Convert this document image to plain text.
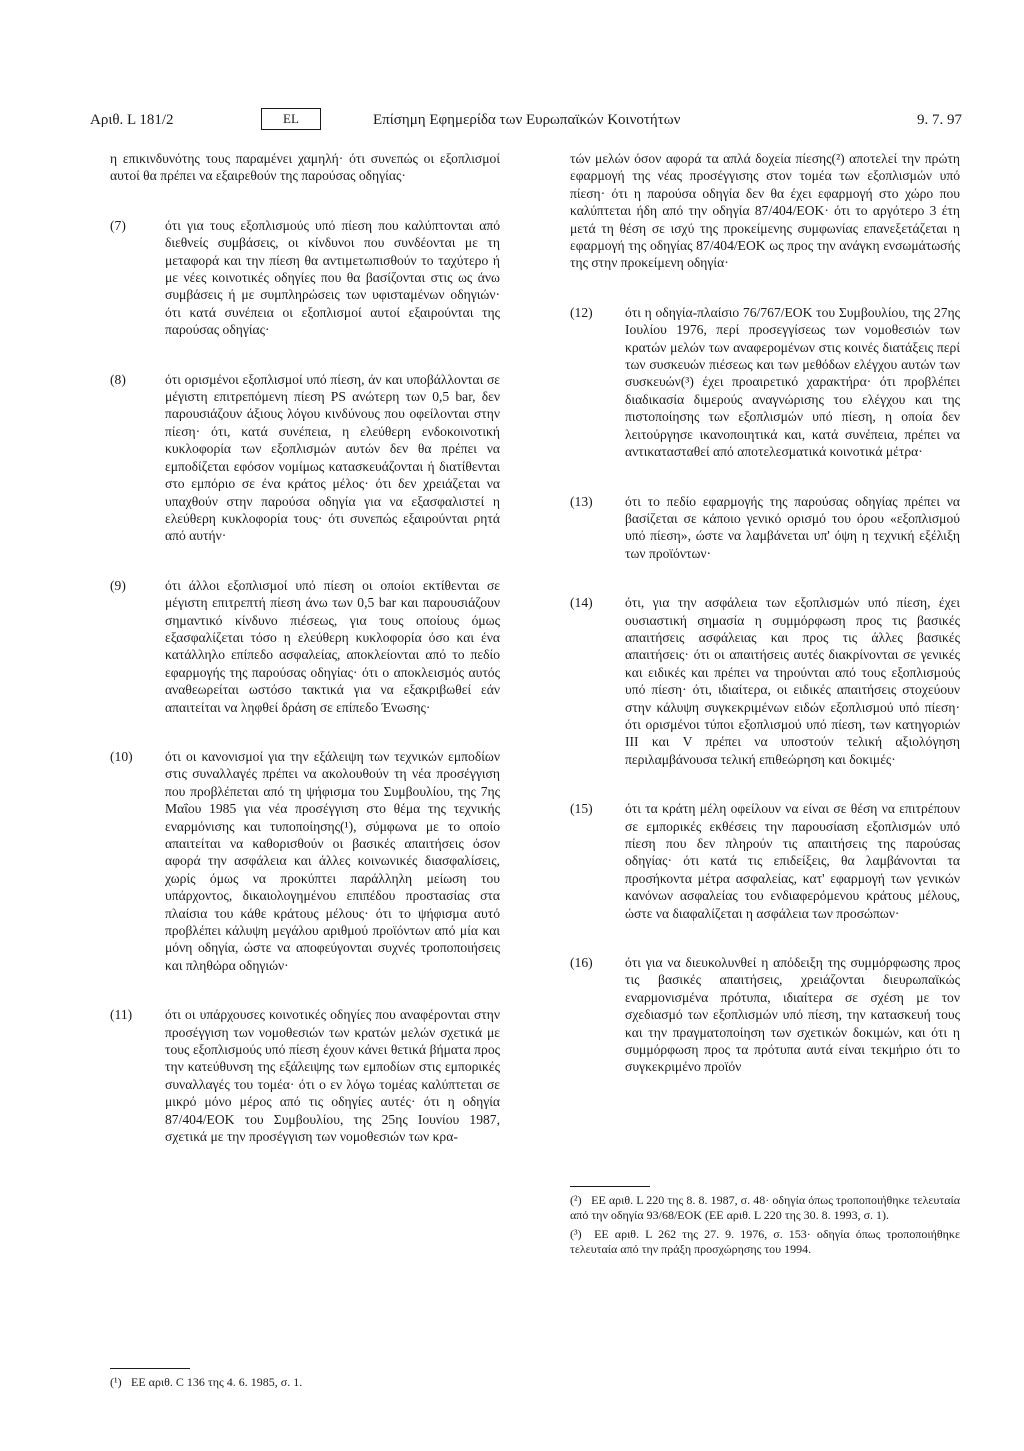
Αριθ. L 181/2	EL	Επίσημη Εφημερίδα των Ευρωπαϊκών Κοινοτήτων	9. 7. 97

η επικινδυνότης τους παραμένει χαμηλή· ότι συνεπώς οι εξοπλισμοί αυτοί θα πρέπει να εξαιρεθούν της παρούσας οδηγίας·

(7)	ότι για τους εξοπλισμούς υπό πίεση που καλύπτονται από διεθνείς συμβάσεις, οι κίνδυνοι που συνδέονται με τη μεταφορά και την πίεση θα αντιμετωπισθούν το ταχύτερο ή με νέες κοινοτικές οδηγίες που θα βασίζονται στις ως άνω συμβάσεις ή με συμπληρώσεις των υφισταμένων οδηγιών· ότι κατά συνέπεια οι εξοπλισμοί αυτοί εξαιρούνται της παρούσας οδηγίας·
(8)	ότι ορισμένοι εξοπλισμοί υπό πίεση, άν και υποβάλλονται σε μέγιστη επιτρεπόμενη πίεση PS ανώτερη των 0,5 bar, δεν παρουσιάζουν άξιους λόγου κινδύνους που οφείλονται στην πίεση· ότι, κατά συνέπεια, η ελεύθερη ενδοκοινοτική κυκλοφορία των εξοπλισμών αυτών δεν θα πρέπει να εμποδίζεται εφόσον νομίμως κατασκευάζονται ή διατίθενται στο εμπόριο σε ένα κράτος μέλος· ότι δεν χρειάζεται να υπαχθούν στην παρούσα οδηγία για να εξασφαλιστεί η ελεύθερη κυκλοφορία τους· ότι συνεπώς εξαιρούνται ρητά από αυτήν·
(9)	ότι άλλοι εξοπλισμοί υπό πίεση οι οποίοι εκτίθενται σε μέγιστη επιτρεπτή πίεση άνω των 0,5 bar και παρουσιάζουν σημαντικό κίνδυνο πιέσεως, για τους οποίους όμως εξασφαλίζεται τόσο η ελεύθερη κυκλοφορία όσο και ένα κατάλληλο επίπεδο ασφαλείας, αποκλείονται από το πεδίο εφαρμογής της παρούσας οδηγίας· ότι ο αποκλεισμός αυτός αναθεωρείται ωστόσο τακτικά για να εξακριβωθεί εάν απαιτείται να ληφθεί δράση σε επίπεδο Ένωσης·
(10) ότι οι κανονισμοί για την εξάλειψη των τεχνικών εμποδίων στις συναλλαγές πρέπει να ακολουθούν τη νέα προσέγγιση που προβλέπεται από τη ψήφισμα του Συμβουλίου, της 7ης Μαΐου 1985 για νέα προσέγγιση στο θέμα της τεχνικής εναρμόνισης και τυποποίησης(¹), σύμφωνα με το οποίο απαιτείται να καθορισθούν οι βασικές απαιτήσεις όσον αφορά την ασφάλεια και άλλες κοινωνικές διασφαλίσεις, χωρίς όμως να προκύπτει παράλληλη μείωση του υπάρχοντος, δικαιολογημένου επιπέδου προστασίας στα πλαίσια του κάθε κράτους μέλους· ότι το ψήφισμα αυτό προβλέπει κάλυψη μεγάλου αριθμού προϊόντων από μία και μόνη οδηγία, ώστε να αποφεύγονται συχνές τροποποιήσεις και πληθώρα οδηγιών·
(11) ότι οι υπάρχουσες κοινοτικές οδηγίες που αναφέρονται στην προσέγγιση των νομοθεσιών των κρατών μελών σχετικά με τους εξοπλισμούς υπό πίεση έχουν κάνει θετικά βήματα προς την κατεύθυνση της εξάλειψης των εμποδίων στις εμπορικές συναλλαγές του τομέα· ότι ο εν λόγω τομέας καλύπτεται σε μικρό μόνο μέρος από τις οδηγίες αυτές· ότι η οδηγία 87/404/ΕΟΚ του Συμβουλίου, της 25ης Ιουνίου 1987, σχετικά με την προσέγγιση των νομοθεσιών των κρα-

(¹) ΕΕ αριθ. C 136 της 4. 6. 1985, σ. 1.

τών μελών όσον αφορά τα απλά δοχεία πίεσης(²) αποτελεί την πρώτη εφαρμογή της νέας προσέγγισης στον τομέα των εξοπλισμών υπό πίεση· ότι η παρούσα οδηγία δεν θα έχει εφαρμογή στο χώρο που καλύπτεται ήδη από την οδηγία 87/404/ΕΟΚ· ότι το αργότερο 3 έτη μετά τη θέση σε ισχύ της προκείμενης συμφωνίας επανεξετάζεται η εφαρμογή της οδηγίας 87/404/ΕΟΚ ως προς την ανάγκη ενσωμάτωσής της στην προκείμενη οδηγία·

(12) ότι η οδηγία-πλαίσιο 76/767/ΕΟΚ του Συμβουλίου, της 27ης Ιουλίου 1976, περί προσεγγίσεως των νομοθεσιών των κρατών μελών των αναφερομένων στις κοινές διατάξεις περί των συσκευών πιέσεως και των μεθόδων ελέγχου αυτών των συσκευών(³) έχει προαιρετικό χαρακτήρα· ότι προβλέπει διαδικασία διμερούς αναγνώρισης του ελέγχου και της πιστοποίησης των εξοπλισμών υπό πίεση, η οποία δεν λειτούργησε ικανοποιητικά και, κατά συνέπεια, πρέπει να αντικατασταθεί από αποτελεσματικά κοινοτικά μέτρα·
(13) ότι το πεδίο εφαρμογής της παρούσας οδηγίας πρέπει να βασίζεται σε κάποιο γενικό ορισμό του όρου «εξοπλισμού υπό πίεση», ώστε να λαμβάνεται υπ' όψη η τεχνική εξέλιξη των προϊόντων·
(14) ότι, για την ασφάλεια των εξοπλισμών υπό πίεση, έχει ουσιαστική σημασία η συμμόρφωση προς τις βασικές απαιτήσεις ασφάλειας και προς τις άλλες βασικές απαιτήσεις· ότι οι απαιτήσεις αυτές διακρίνονται σε γενικές και ειδικές και πρέπει να τηρούνται από τους εξοπλισμούς υπό πίεση· ότι, ιδιαίτερα, οι ειδικές απαιτήσεις στοχεύουν στην κάλυψη συγκεκριμένων ειδών εξοπλισμού υπό πίεση· ότι ορισμένοι τύποι εξοπλισμού υπό πίεση, των κατηγοριών III και V πρέπει να υποστούν τελική αξιολόγηση περιλαμβάνουσα τελική επιθεώρηση και δοκιμές·
(15) ότι τα κράτη μέλη οφείλουν να είναι σε θέση να επιτρέπουν σε εμπορικές εκθέσεις την παρουσίαση εξοπλισμών υπό πίεση που δεν πληρούν τις απαιτήσεις της παρούσας οδηγίας· ότι κατά τις επιδείξεις, θα λαμβάνονται τα προσήκοντα μέτρα ασφαλείας, κατ' εφαρμογή των γενικών κανόνων ασφαλείας του ενδιαφερόμενου κράτους μέλους, ώστε να διαφαλίζεται η ασφάλεια των προσώπων·
(16) ότι για να διευκολυνθεί η απόδειξη της συμμόρφωσης προς τις βασικές απαιτήσεις, χρειάζονται διευρωπαϊκώς εναρμονισμένα πρότυπα, ιδιαίτερα σε σχέση με τον σχεδιασμό των εξοπλισμών υπό πίεση, την κατασκευή τους και την πραγματοποίηση των σχετικών δοκιμών, και ότι η συμμόρφωση προς τα πρότυπα αυτά είναι τεκμήριο ότι το συγκεκριμένο προϊόν

(²) ΕΕ αριθ. L 220 της 8. 8. 1987, σ. 48· οδηγία όπως τροποποιήθηκε τελευταία από την οδηγία 93/68/ΕΟΚ (ΕΕ αριθ. L 220 της 30. 8. 1993, σ. 1).

(³) ΕΕ αριθ. L 262 της 27. 9. 1976, σ. 153· οδηγία όπως τροποποιήθηκε τελευταία από την πράξη προσχώρησης του 1994.
